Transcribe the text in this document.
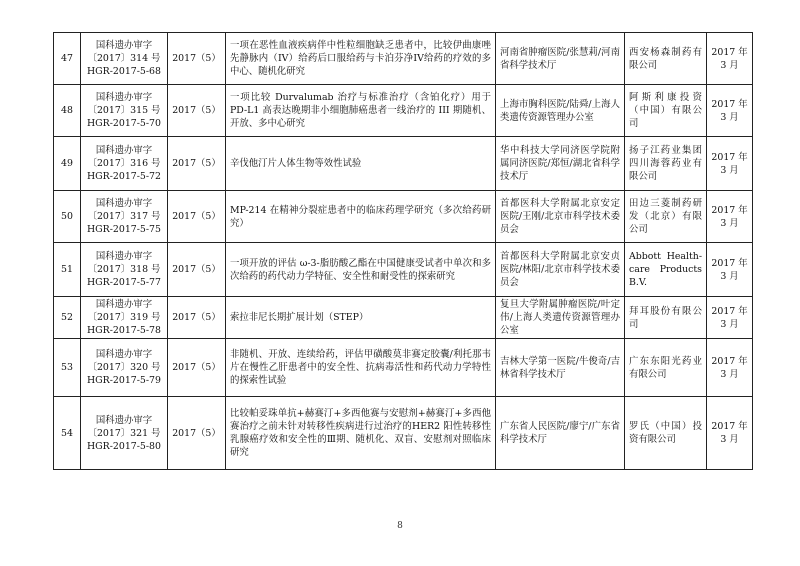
47	国科遗办审字
〔2017〕314 号
HGR-2017-5-68	2017（5）	一项在恶性血液疾病伴中性粒细胞缺乏患者中，比较伊曲康唑先静脉内（IV）给药后口服给药与卡泊芬净IV给药的疗效的多中心、随机化研究	河南省肿瘤医院/张慧莉/河南省科学技术厅	西安杨森制药有限公司	2017 年 3 月
48	国科遗办审字
〔2017〕315 号
HGR-2017-5-70	2017（5）	一项比较 Durvalumab 治疗与标准治疗（含铂化疗）用于 PD-L1 高表达晚期非小细胞肺癌患者一线治疗的 III 期随机、开放、多中心研究	上海市胸科医院/陆舜/上海人类遗传资源管理办公室	阿斯利康投资（中国）有限公司	2017 年 3 月
49	国科遗办审字
〔2017〕316 号
HGR-2017-5-72	2017（5）	辛伐他汀片人体生物等效性试验	华中科技大学同济医学院附属同济医院/郑恒/湖北省科学技术厅	扬子江药业集团四川海蓉药业有限公司	2017 年 3 月
50	国科遗办审字
〔2017〕317 号
HGR-2017-5-75	2017（5）	MP-214 在精神分裂症患者中的临床药理学研究（多次给药研究）	首都医科大学附属北京安定医院/王刚/北京市科学技术委员会	田边三菱制药研发（北京）有限公司	2017 年 3 月
51	国科遗办审字
〔2017〕318 号
HGR-2017-5-77	2017（5）	一项开放的评估 ω-3-脂肪酸乙酯在中国健康受试者中单次和多次给药的药代动力学特征、安全性和耐受性的探索研究	首都医科大学附属北京安贞医院/林阳/北京市科学技术委员会	Abbott Health-care Products B.V.	2017 年 3 月
52	国科遗办审字
〔2017〕319 号
HGR-2017-5-78	2017（5）	索拉非尼长期扩展计划（STEP）	复旦大学附属肿瘤医院/叶定伟/上海人类遗传资源管理办公室	拜耳股份有限公司	2017 年 3 月
53	国科遗办审字
〔2017〕320 号
HGR-2017-5-79	2017（5）	非随机、开放、连续给药，评估甲磺酸莫非赛定胶囊/利托那韦片在慢性乙肝患者中的安全性、抗病毒活性和药代动力学特性的探索性试验	吉林大学第一医院/牛俊奇/吉林省科学技术厅	广东东阳光药业有限公司	2017 年 3 月
54	国科遗办审字
〔2017〕321 号
HGR-2017-5-80	2017（5）	比较帕妥珠单抗+赫赛汀+多西他赛与安慰剂+赫赛汀+多西他赛治疗之前未针对转移性疾病进行过治疗的HER2 阳性转移性乳腺癌疗效和安全性的Ⅲ期、随机化、双盲、安慰剂对照临床研究	广东省人民医院/廖宁/广东省科学技术厅	罗氏（中国）投资有限公司	2017 年 3 月
8
